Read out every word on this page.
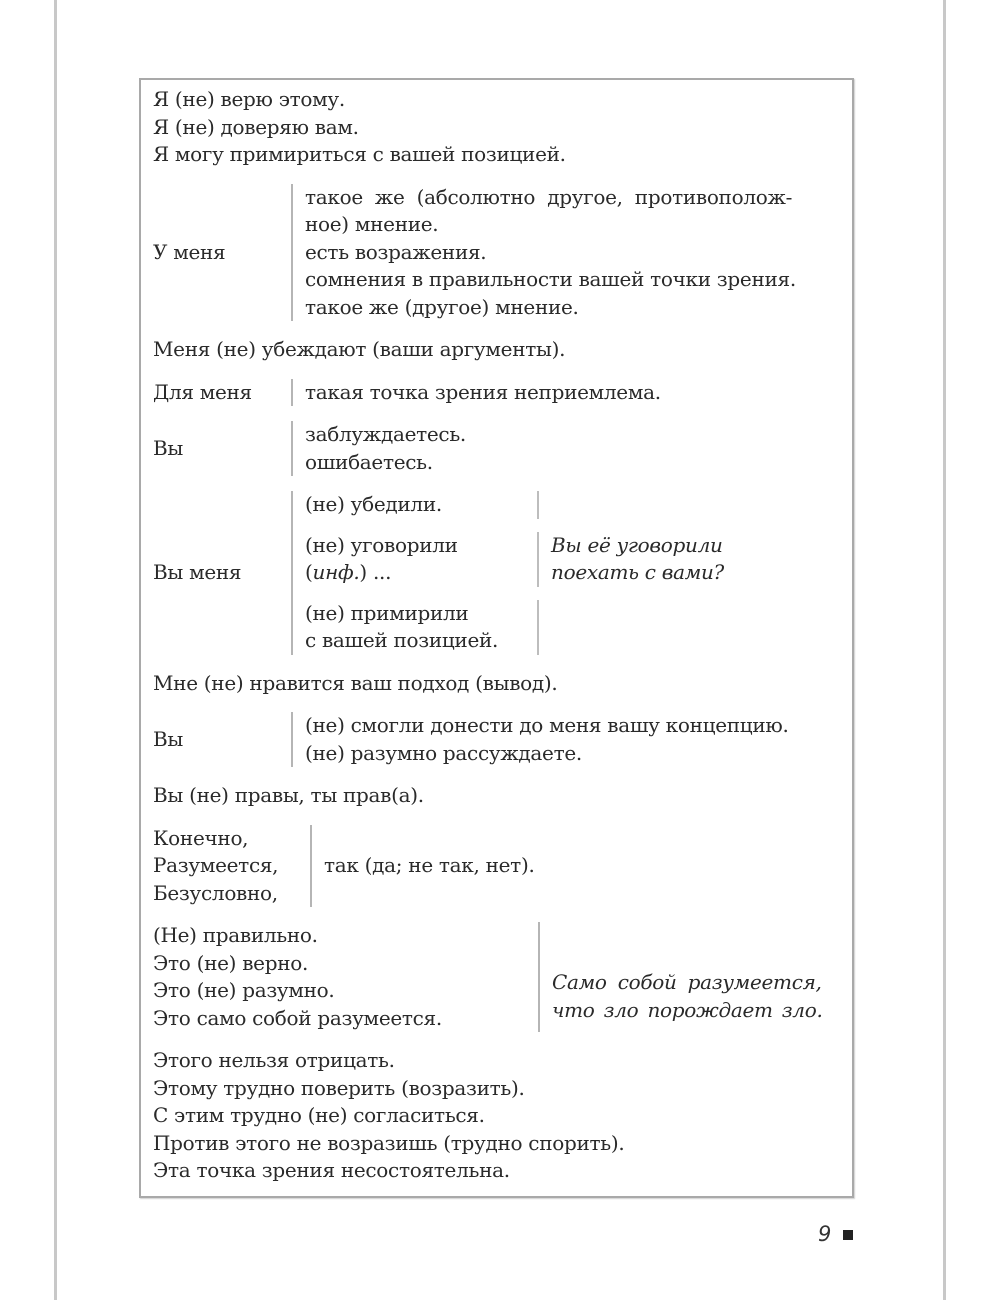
Я (не) верю этому.
Я (не) доверяю вам.
Я могу примириться с вашей позицией.
У меня
такое же (абсолютно другое, противополож-
ное) мнение.
есть возражения.
сомнения в правильности вашей точки зрения.
такое же (другое) мнение.
Меня (не) убеждают (ваши аргументы).
Для меня	такая точка зрения неприемлема.
Вы
заблуждаетесь.
ошибаетесь.
Вы меня
(не) убедили.
(не) уговорили
(инф.) ...
Вы её уговорили
поехать с вами?
(не) примирили
с вашей позицией.
Мне (не) нравится ваш подход (вывод).
Вы
(не) смогли донести до меня вашу концепцию.
(не) разумно рассуждаете.
Вы (не) правы, ты прав(а).
Конечно,
Разумеется,
Безусловно,
так (да; не так, нет).
(Не) правильно.
Это (не) верно.
Это (не) разумно.
Это само собой разумеется.
Само собой разумеется,
что зло порождает зло.
Этого нельзя отрицать.
Этому трудно поверить (возразить).
С этим трудно (не) согласиться.
Против этого не возразишь (трудно спорить).
Эта точка зрения несостоятельна.
9
